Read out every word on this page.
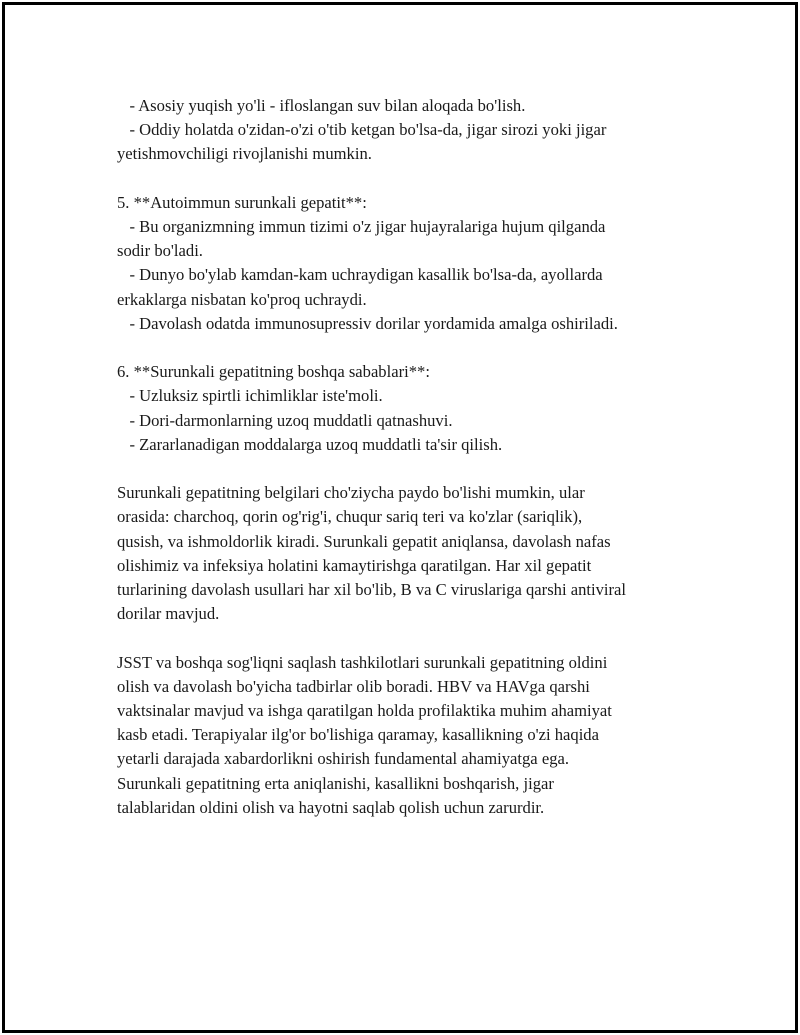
- Asosiy yuqish yo'li - ifloslangan suv bilan aloqada bo'lish.
- Oddiy holatda o'zidan-o'zi o'tib ketgan bo'lsa-da, jigar sirozi yoki jigar
yetishmovchiligi rivojlanishi mumkin.
5. **Autoimmun surunkali gepatit**:
- Bu organizmning immun tizimi o'z jigar hujayralariga hujum qilganda
sodir bo'ladi.
- Dunyo bo'ylab kamdan-kam uchraydigan kasallik bo'lsa-da, ayollarda
erkaklarga nisbatan ko'proq uchraydi.
- Davolash odatda immunosupressiv dorilar yordamida amalga oshiriladi.
6. **Surunkali gepatitning boshqa sabablari**:
- Uzluksiz spirtli ichimliklar iste'moli.
- Dori-darmonlarning uzoq muddatli qatnashuvi.
- Zararlanadigan moddalarga uzoq muddatli ta'sir qilish.
Surunkali gepatitning belgilari cho'ziycha paydo bo'lishi mumkin, ular
orasida: charchoq, qorin og'rig'i, chuqur sariq teri va ko'zlar (sariqlik),
qusish, va ishmoldorlik kiradi. Surunkali gepatit aniqlansa, davolash nafas
olishimiz va infeksiya holatini kamaytirishga qaratilgan. Har xil gepatit
turlarining davolash usullari har xil bo'lib, B va C viruslariga qarshi antiviral
dorilar mavjud.
JSST va boshqa sog'liqni saqlash tashkilotlari surunkali gepatitning oldini
olish va davolash bo'yicha tadbirlar olib boradi. HBV va HAVga qarshi
vaktsinalar mavjud va ishga qaratilgan holda profilaktika muhim ahamiyat
kasb etadi. Terapiyalar ilg'or bo'lishiga qaramay, kasallikning o'zi haqida
yetarli darajada xabardorlikni oshirish fundamental ahamiyatga ega.
Surunkali gepatitning erta aniqlanishi, kasallikni boshqarish, jigar
talablaridan oldini olish va hayotni saqlab qolish uchun zarurdir.
